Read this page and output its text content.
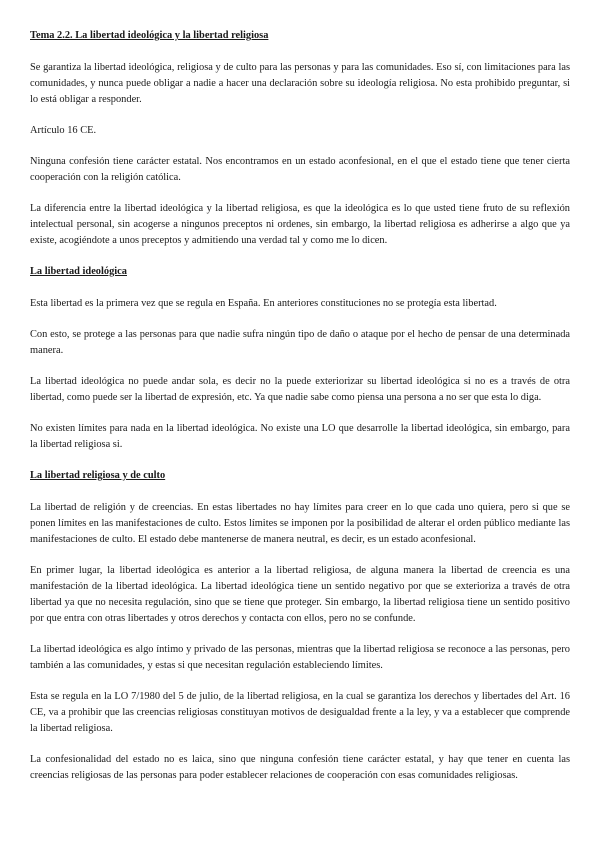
Tema 2.2. La libertad ideológica y la libertad religiosa

Se garantiza la libertad ideológica, religiosa y de culto para las personas y para las comunidades. Eso sí, con limitaciones para las comunidades, y nunca puede obligar a nadie a hacer una declaración sobre su ideología religiosa. No esta prohibido preguntar, si lo está obligar a responder.

Artículo 16 CE.

Ninguna confesión tiene carácter estatal. Nos encontramos en un estado aconfesional, en el que el estado tiene que tener cierta cooperación con la religión católica.

La diferencia entre la libertad ideológica y la libertad religiosa, es que la ideológica es lo que usted tiene fruto de su reflexión intelectual personal, sin acogerse a ningunos preceptos ni ordenes, sin embargo, la libertad religiosa es adherirse a algo que ya existe, acogiéndote a unos preceptos y admitiendo una verdad tal y como me lo dicen.

La libertad ideológica

Esta libertad es la primera vez que se regula en España. En anteriores constituciones no se protegía esta libertad.

Con esto, se protege a las personas para que nadie sufra ningún tipo de daño o ataque por el hecho de pensar de una determinada manera.

La libertad ideológica no puede andar sola, es decir no la puede exteriorizar su libertad ideológica si no es a través de otra libertad, como puede ser la libertad de expresión, etc. Ya que nadie sabe como piensa una persona a no ser que esta lo diga.

No existen límites para nada en la libertad ideológica. No existe una LO que desarrolle la libertad ideológica, sin embargo, para la libertad religiosa si.

La libertad religiosa y de culto

La libertad de religión y de creencias. En estas libertades no hay límites para creer en lo que cada uno quiera, pero si que se ponen límites en las manifestaciones de culto. Estos límites se imponen por la posibilidad de alterar el orden público mediante las manifestaciones de culto. El estado debe mantenerse de manera neutral, es decir, es un estado aconfesional.

En primer lugar, la libertad ideológica es anterior a la libertad religiosa, de alguna manera la libertad de creencia es una manifestación de la libertad ideológica. La libertad ideológica tiene un sentido negativo por que se exterioriza a través de otra libertad ya que no necesita regulación, sino que se tiene que proteger. Sin embargo, la libertad religiosa tiene un sentido positivo por que entra con otras libertades y otros derechos y contacta con ellos, pero no se confunde.

La libertad ideológica es algo íntimo y privado de las personas, mientras que la libertad religiosa se reconoce a las personas, pero también a las comunidades, y estas si que necesitan regulación estableciendo límites.

Esta se regula en la LO 7/1980 del 5 de julio, de la libertad religiosa, en la cual se garantiza los derechos y libertades del Art. 16 CE, va a prohibir que las creencias religiosas constituyan motivos de desigualdad frente a la ley, y va a establecer que comprende la libertad religiosa.

La confesionalidad del estado no es laica, sino que ninguna confesión tiene carácter estatal, y hay que tener en cuenta las creencias religiosas de las personas para poder establecer relaciones de cooperación con esas comunidades religiosas.
